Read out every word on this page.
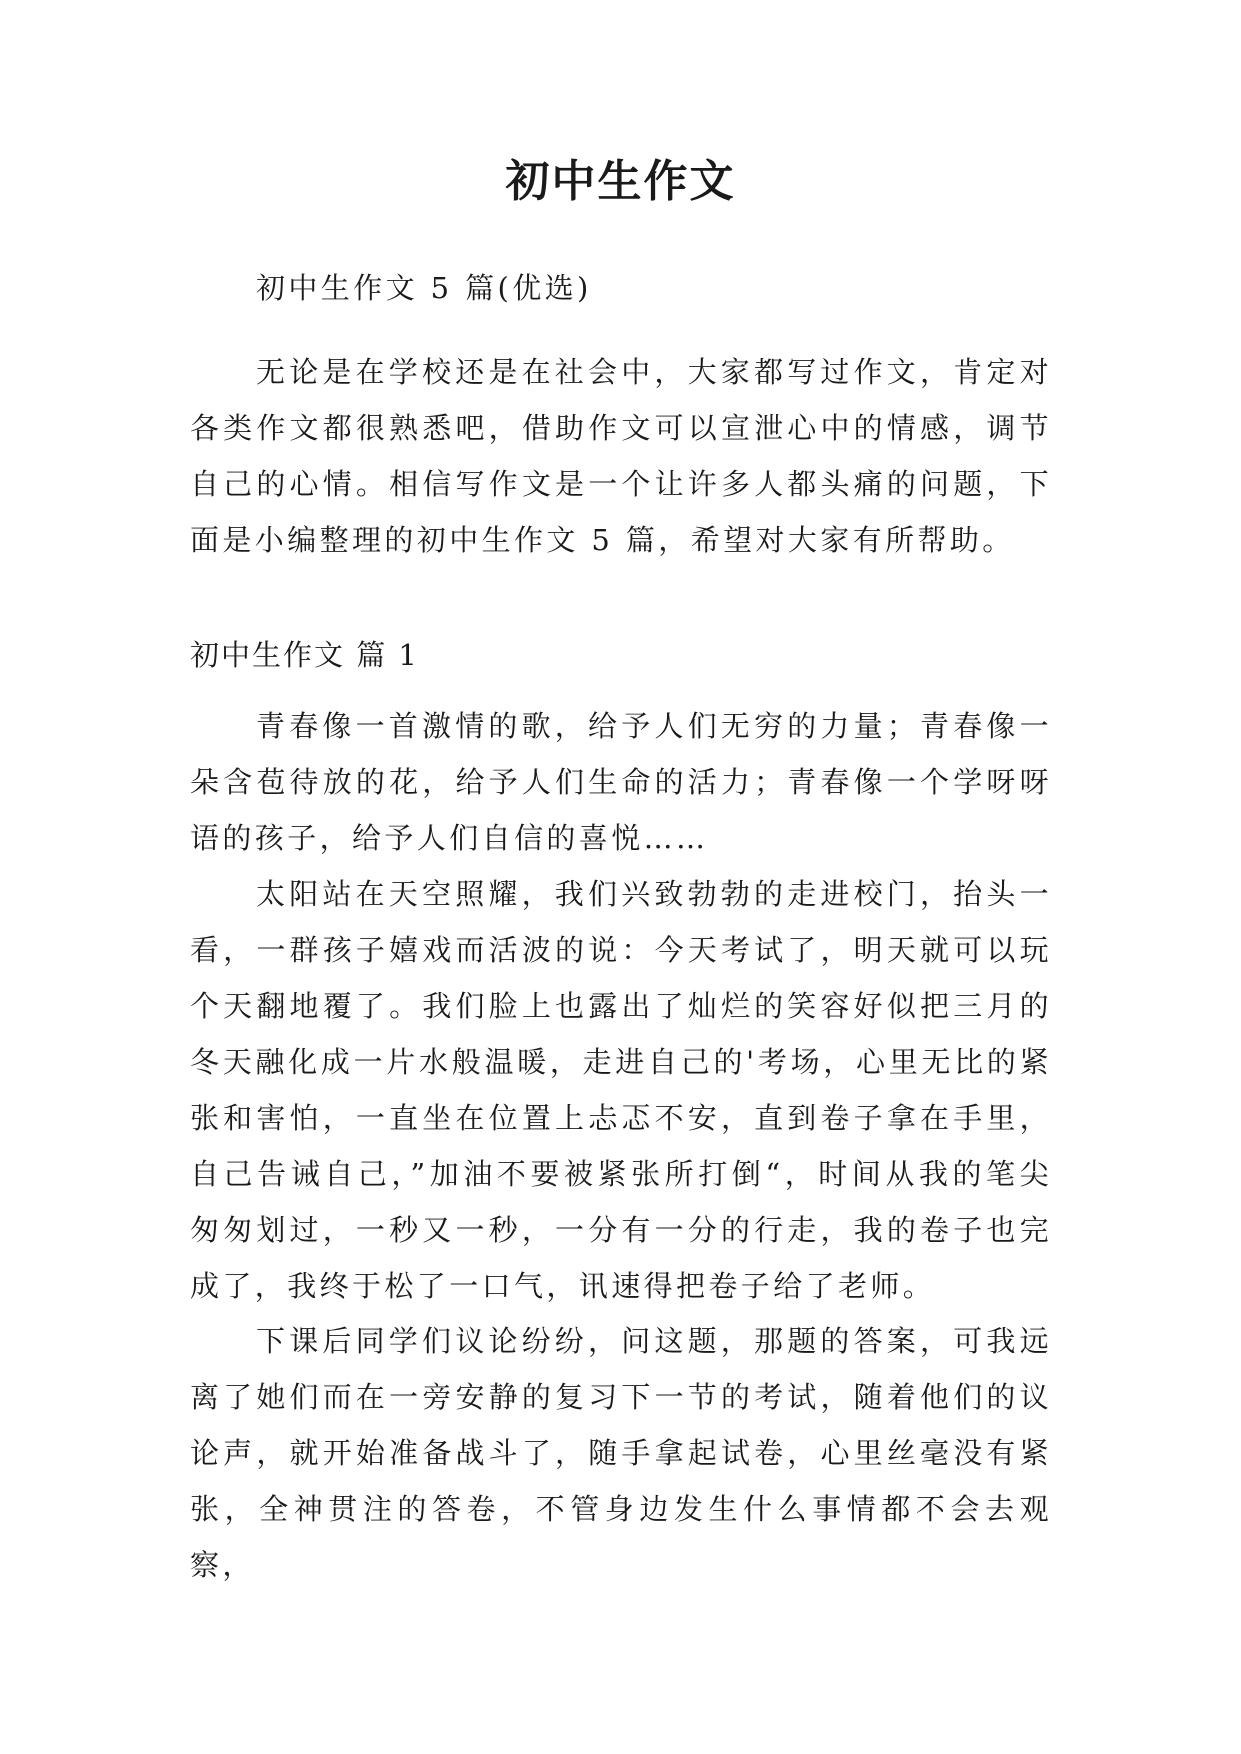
初中生作文

初中生作文 5 篇(优选)

无论是在学校还是在社会中，大家都写过作文，肯定对各类作文都很熟悉吧，借助作文可以宣泄心中的情感，调节自己的心情。相信写作文是一个让许多人都头痛的问题，下面是小编整理的初中生作文 5 篇，希望对大家有所帮助。

初中生作文 篇 1

青春像一首激情的歌，给予人们无穷的力量；青春像一朵含苞待放的花，给予人们生命的活力；青春像一个学呀呀语的孩子，给予人们自信的喜悦……

太阳站在天空照耀，我们兴致勃勃的走进校门，抬头一看，一群孩子嬉戏而活波的说：今天考试了，明天就可以玩个天翻地覆了。我们脸上也露出了灿烂的笑容好似把三月的冬天融化成一片水般温暖，走进自己的'考场，心里无比的紧张和害怕，一直坐在位置上忐忑不安，直到卷子拿在手里，自己告诫自己，”加油不要被紧张所打倒“，时间从我的笔尖匆匆划过，一秒又一秒，一分有一分的行走，我的卷子也完成了，我终于松了一口气，讯速得把卷子给了老师。

下课后同学们议论纷纷，问这题，那题的答案，可我远离了她们而在一旁安静的复习下一节的考试，随着他们的议论声，就开始准备战斗了，随手拿起试卷，心里丝毫没有紧张，全神贯注的答卷，不管身边发生什么事情都不会去观察，
